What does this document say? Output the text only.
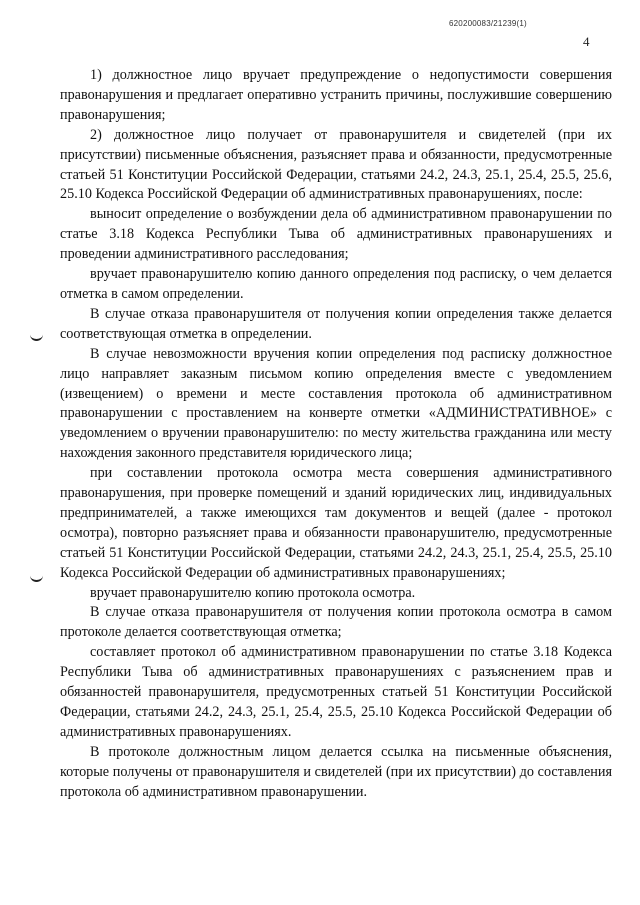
620200083/21239(1)
4

1) должностное лицо вручает предупреждение о недопустимости совершения правонарушения и предлагает оперативно устранить причины, послужившие совершению правонарушения;

2) должностное лицо получает от правонарушителя и свидетелей (при их присутствии) письменные объяснения, разъясняет права и обязанности, предусмотренные статьей 51 Конституции Российской Федерации, статьями 24.2, 24.3, 25.1, 25.4, 25.5, 25.6, 25.10 Кодекса Российской Федерации об административных правонарушениях, после:

выносит определение о возбуждении дела об административном правонарушении по статье 3.18 Кодекса Республики Тыва об административных правонарушениях и проведении административного расследования;

вручает правонарушителю копию данного определения под расписку, о чем делается отметка в самом определении.

В случае отказа правонарушителя от получения копии определения также делается соответствующая отметка в определении.

В случае невозможности вручения копии определения под расписку должностное лицо направляет заказным письмом копию определения вместе с уведомлением (извещением) о времени и месте составления протокола об административном правонарушении с проставлением на конверте отметки «АДМИНИСТРАТИВНОЕ» с уведомлением о вручении правонарушителю: по месту жительства гражданина или месту нахождения законного представителя юридического лица;

при составлении протокола осмотра места совершения административного правонарушения, при проверке помещений и зданий юридических лиц, индивидуальных предпринимателей, а также имеющихся там документов и вещей (далее - протокол осмотра), повторно разъясняет права и обязанности правонарушителю, предусмотренные статьей 51 Конституции Российской Федерации, статьями 24.2, 24.3, 25.1, 25.4, 25.5, 25.10 Кодекса Российской Федерации об административных правонарушениях;

вручает правонарушителю копию протокола осмотра.

В случае отказа правонарушителя от получения копии протокола осмотра в самом протоколе делается соответствующая отметка;

составляет протокол об административном правонарушении по статье 3.18 Кодекса Республики Тыва об административных правонарушениях с разъяснением прав и обязанностей правонарушителя, предусмотренных статьей 51 Конституции Российской Федерации, статьями 24.2, 24.3, 25.1, 25.4, 25.5, 25.10 Кодекса Российской Федерации об административных правонарушениях.

В протоколе должностным лицом делается ссылка на письменные объяснения, которые получены от правонарушителя и свидетелей (при их присутствии) до составления протокола об административном правонарушении.
